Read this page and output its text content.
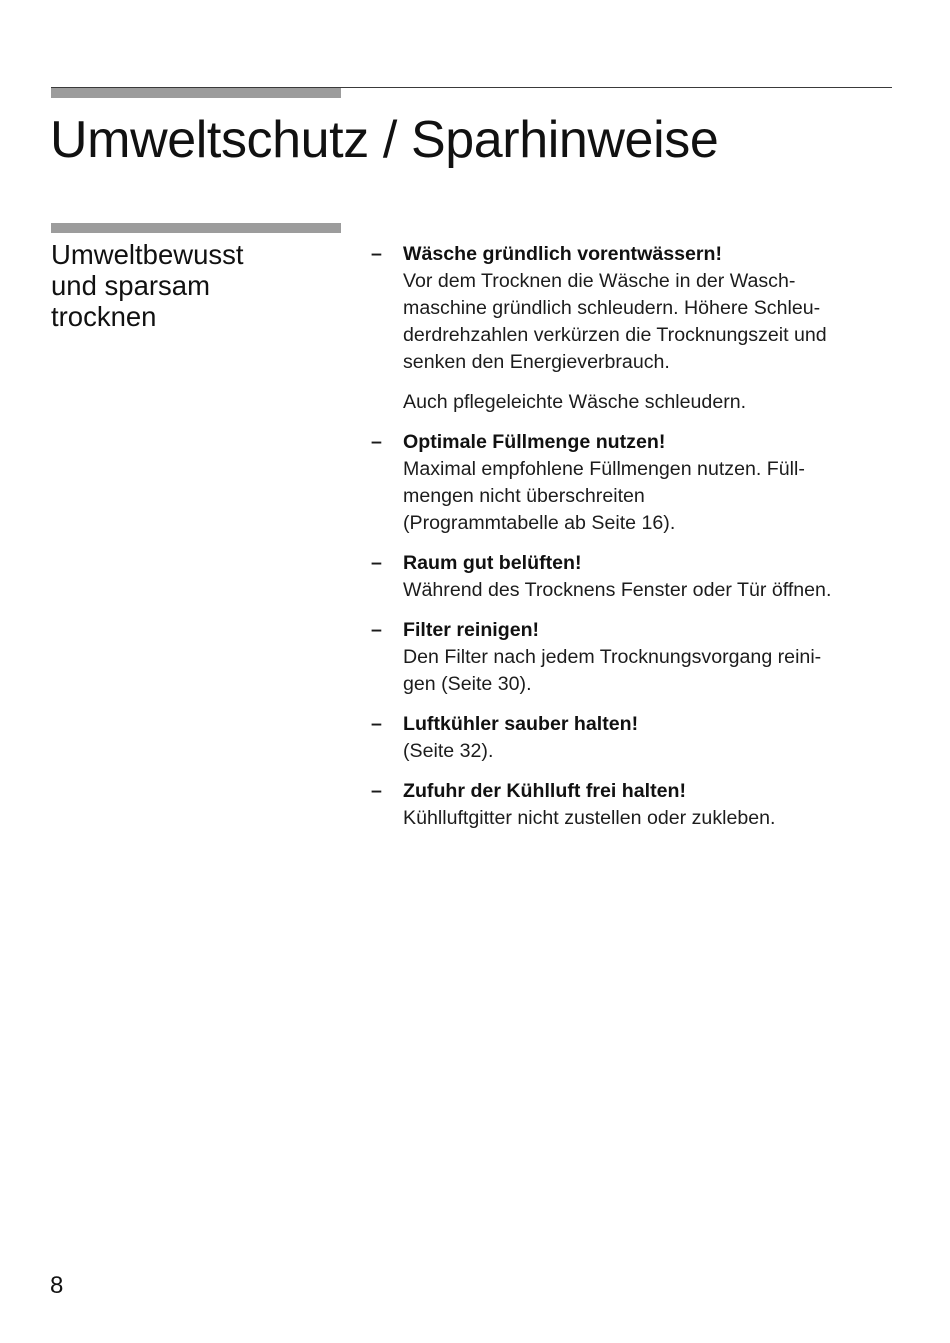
Umweltschutz / Sparhinweise
Umweltbewusst
und sparsam
trocknen
– Wäsche gründlich vorentwässern!
Vor dem Trocknen die Wäsche in der Wasch-
maschine gründlich schleudern. Höhere Schleu-
derdrehzahlen verkürzen die Trocknungszeit und
senken den Energieverbrauch.
Auch pflegeleichte Wäsche schleudern.
– Optimale Füllmenge nutzen!
Maximal empfohlene Füllmengen nutzen. Füll-
mengen nicht überschreiten
(Programmtabelle ab Seite 16).
– Raum gut belüften!
Während des Trocknens Fenster oder Tür öffnen.
– Filter reinigen!
Den Filter nach jedem Trocknungsvorgang reini-
gen (Seite 30).
– Luftkühler sauber halten!
(Seite 32).
– Zufuhr der Kühlluft frei halten!
Kühlluftgitter nicht zustellen oder zukleben.
8
